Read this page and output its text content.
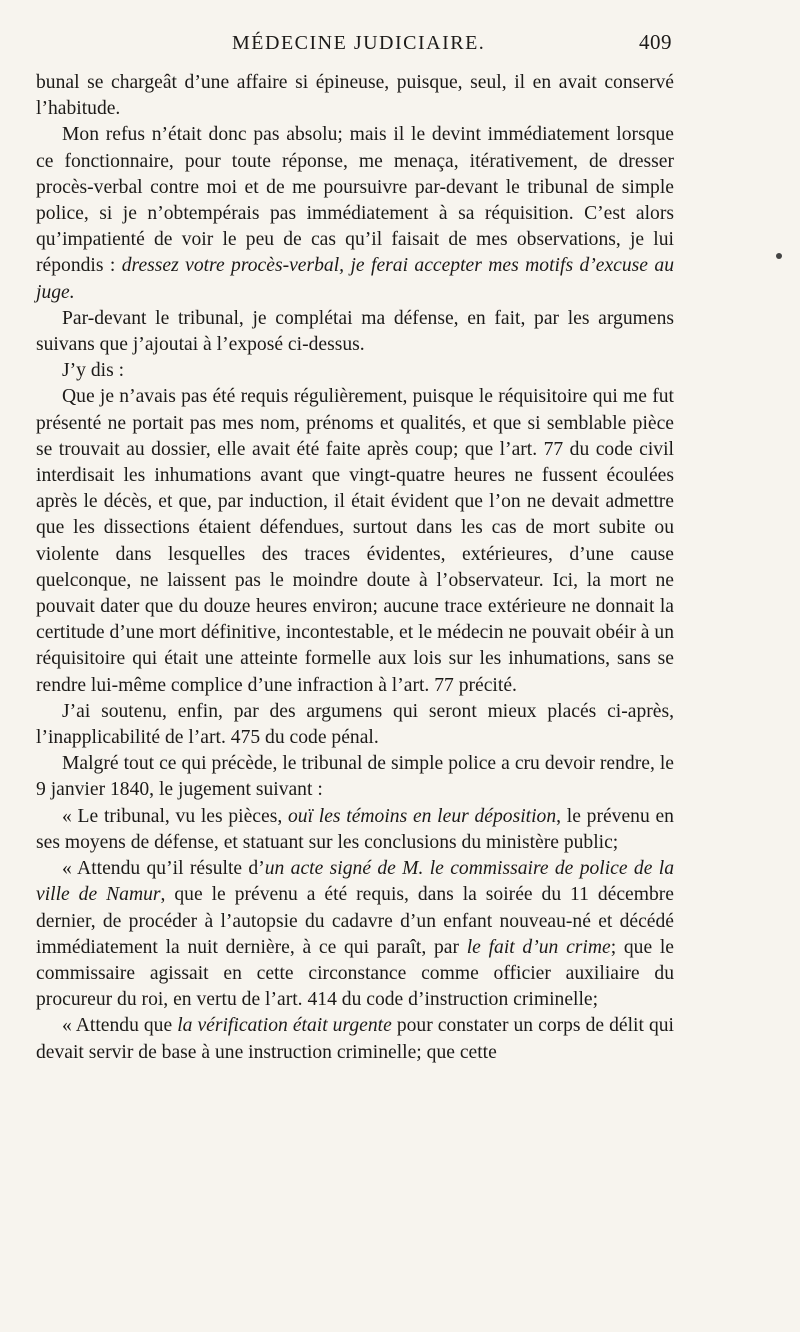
MÉDECINE JUDICIAIRE.	409

bunal se chargeât d’une affaire si épineuse, puisque, seul, il en avait conservé l’habitude.

Mon refus n’était donc pas absolu; mais il le devint immédiatement lorsque ce fonctionnaire, pour toute réponse, me menaça, itérativement, de dresser procès-verbal contre moi et de me poursuivre par-devant le tribunal de simple police, si je n’obtempérais pas immédiatement à sa réquisition. C’est alors qu’impatienté de voir le peu de cas qu’il faisait de mes observations, je lui répondis : dressez votre procès-verbal, je ferai accepter mes motifs d’excuse au juge.

Par-devant le tribunal, je complétai ma défense, en fait, par les argumens suivans que j’ajoutai à l’exposé ci-dessus.

J’y dis :

Que je n’avais pas été requis régulièrement, puisque le réquisitoire qui me fut présenté ne portait pas mes nom, prénoms et qualités, et que si semblable pièce se trouvait au dossier, elle avait été faite après coup; que l’art. 77 du code civil interdisait les inhumations avant que vingt-quatre heures ne fussent écoulées après le décès, et que, par induction, il était évident que l’on ne devait admettre que les dissections étaient défendues, surtout dans les cas de mort subite ou violente dans lesquelles des traces évidentes, extérieures, d’une cause quelconque, ne laissent pas le moindre doute à l’observateur. Ici, la mort ne pouvait dater que du douze heures environ; aucune trace extérieure ne donnait la certitude d’une mort définitive, incontestable, et le médecin ne pouvait obéir à un réquisitoire qui était une atteinte formelle aux lois sur les inhumations, sans se rendre lui-même complice d’une infraction à l’art. 77 précité.

J’ai soutenu, enfin, par des argumens qui seront mieux placés ci-après, l’inapplicabilité de l’art. 475 du code pénal.

Malgré tout ce qui précède, le tribunal de simple police a cru devoir rendre, le 9 janvier 1840, le jugement suivant :

« Le tribunal, vu les pièces, ouï les témoins en leur déposition, le prévenu en ses moyens de défense, et statuant sur les conclusions du ministère public;

« Attendu qu’il résulte d’un acte signé de M. le commissaire de police de la ville de Namur, que le prévenu a été requis, dans la soirée du 11 décembre dernier, de procéder à l’autopsie du cadavre d’un enfant nouveau-né et décédé immédiatement la nuit dernière, à ce qui paraît, par le fait d’un crime; que le commissaire agissait en cette circonstance comme officier auxiliaire du procureur du roi, en vertu de l’art. 414 du code d’instruction criminelle;

« Attendu que la vérification était urgente pour constater un corps de délit qui devait servir de base à une instruction criminelle; que cette
